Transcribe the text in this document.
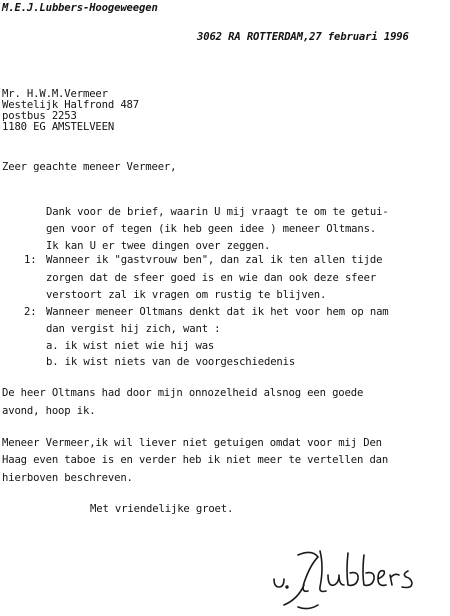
M.E.J.Lubbers-Hoogeweegen
3062 RA ROTTERDAM,27 februari 1996
Mr. H.W.M.Vermeer
Westelijk Halfrond 487
postbus 2253
1180 EG AMSTELVEEN
Zeer geachte meneer Vermeer,
Dank voor de brief, waarin U mij vraagt te om te getui-
gen voor of tegen (ik heb geen idee ) meneer Oltmans.
Ik kan U er twee dingen over zeggen.
1: Wanneer ik "gastvrouw ben", dan zal ik ten allen tijde
zorgen dat de sfeer goed is en wie dan ook deze sfeer
verstoort zal ik vragen om rustig te blijven.
2: Wanneer meneer Oltmans denkt dat ik het voor hem op nam
dan vergist hij zich, want :
a. ik wist niet wie hij was
b. ik wist niets van de voorgeschiedenis
De heer Oltmans had door mijn onnozelheid alsnog een goede
avond, hoop ik.
Meneer Vermeer,ik wil liever niet getuigen omdat voor mij Den
Haag even taboe is en verder heb ik niet meer te vertellen dan
hierboven beschreven.
Met vriendelijke groet.
